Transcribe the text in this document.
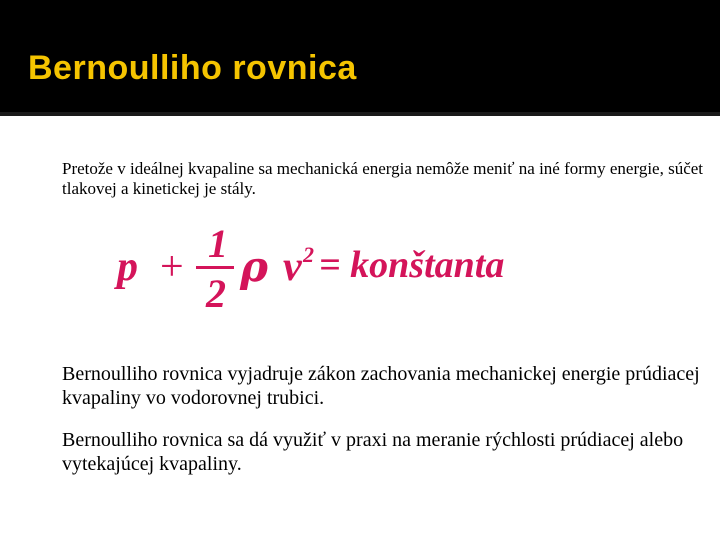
Bernoulliho rovnica

Pretože v ideálnej kvapaline sa mechanická energia nemôže meniť na iné formy energie, súčet tlakovej a kinetickej je stály.

p +
1
2
ρ v 2 = konštanta

Bernoulliho rovnica vyjadruje zákon zachovania mechanickej energie prúdiacej kvapaliny vo vodorovnej trubici.

Bernoulliho rovnica sa dá využiť v praxi na meranie rýchlosti prúdiacej alebo vytekajúcej kvapaliny.
